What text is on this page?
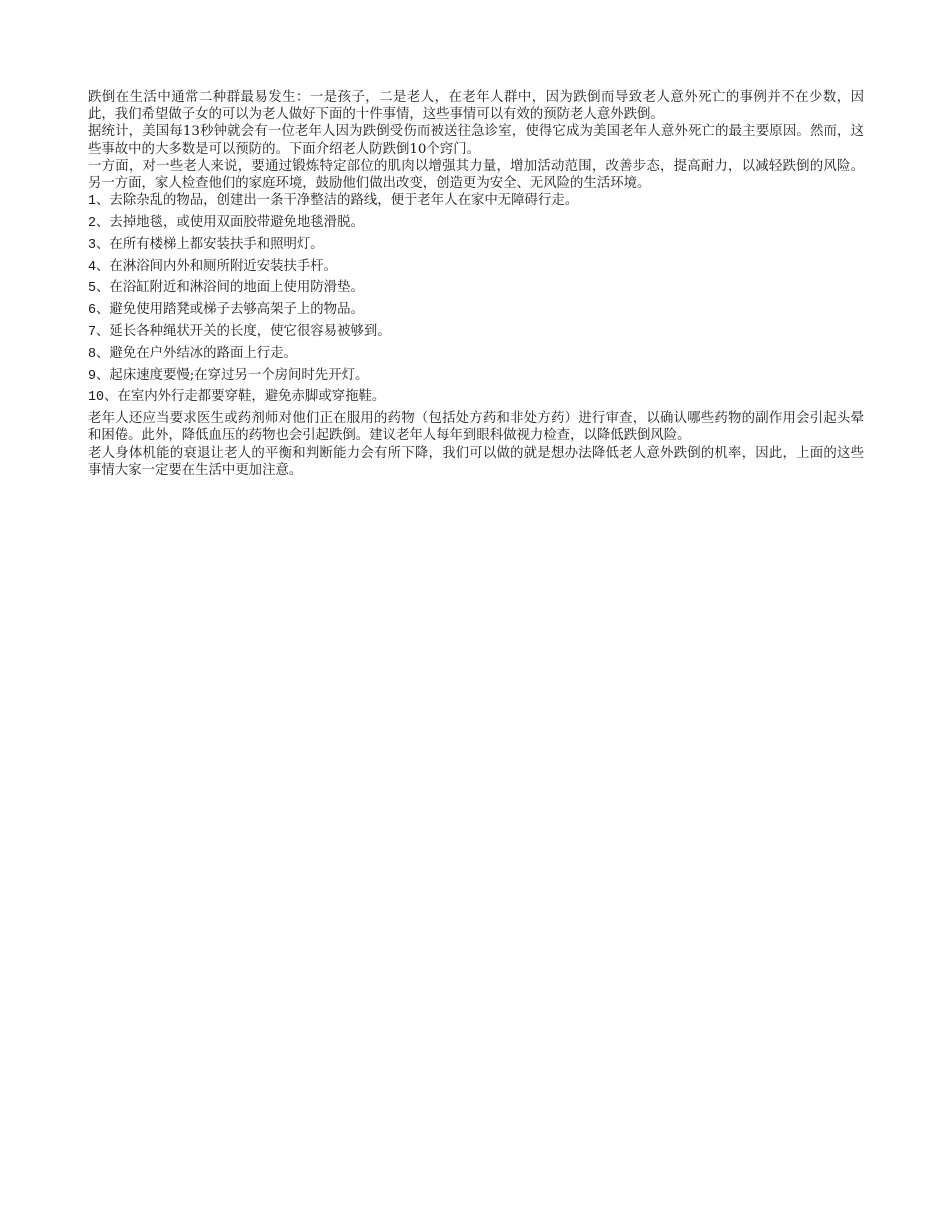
跌倒在生活中通常二种群最易发生：一是孩子，二是老人，在老年人群中，因为跌倒而导致老人意外死亡的事例并不在少数，因此，我们希望做子女的可以为老人做好下面的十件事情，这些事情可以有效的预防老人意外跌倒。

据统计，美国每13秒钟就会有一位老年人因为跌倒受伤而被送往急诊室，使得它成为美国老年人意外死亡的最主要原因。然而，这些事故中的大多数是可以预防的。下面介绍老人防跌倒10个窍门。

一方面，对一些老人来说，要通过锻炼特定部位的肌肉以增强其力量，增加活动范围，改善步态，提高耐力，以减轻跌倒的风险。另一方面，家人检查他们的家庭环境，鼓励他们做出改变，创造更为安全、无风险的生活环境。

1、去除杂乱的物品，创建出一条干净整洁的路线，便于老年人在家中无障碍行走。
2、去掉地毯，或使用双面胶带避免地毯滑脱。
3、在所有楼梯上都安装扶手和照明灯。
4、在淋浴间内外和厕所附近安装扶手杆。
5、在浴缸附近和淋浴间的地面上使用防滑垫。
6、避免使用踏凳或梯子去够高架子上的物品。
7、延长各种绳状开关的长度，使它很容易被够到。
8、避免在户外结冰的路面上行走。
9、起床速度要慢;在穿过另一个房间时先开灯。
10、在室内外行走都要穿鞋，避免赤脚或穿拖鞋。

老年人还应当要求医生或药剂师对他们正在服用的药物（包括处方药和非处方药）进行审查，以确认哪些药物的副作用会引起头晕和困倦。此外，降低血压的药物也会引起跌倒。建议老年人每年到眼科做视力检查，以降低跌倒风险。

老人身体机能的衰退让老人的平衡和判断能力会有所下降，我们可以做的就是想办法降低老人意外跌倒的机率，因此，上面的这些事情大家一定要在生活中更加注意。
